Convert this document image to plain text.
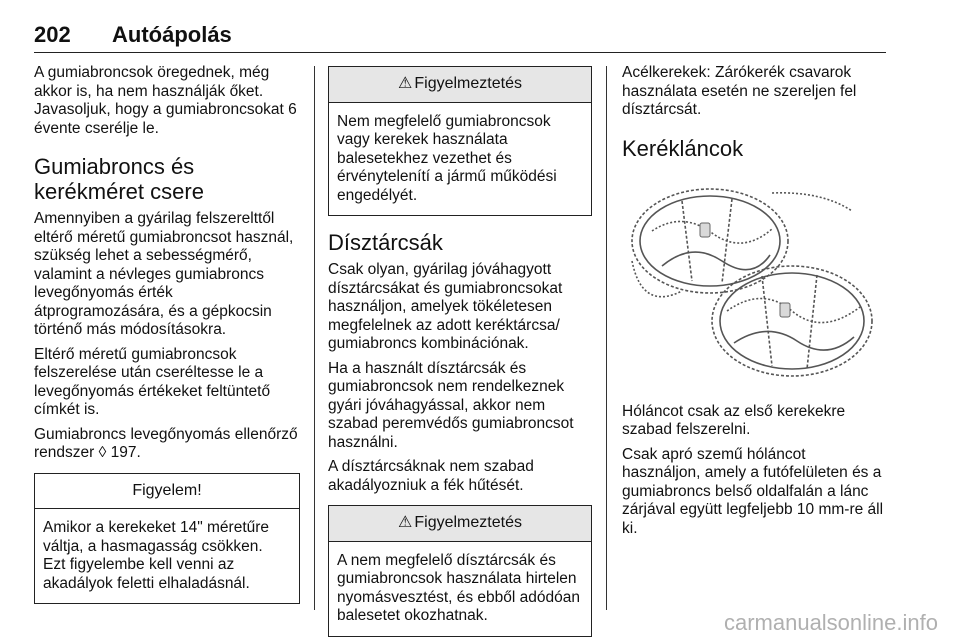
202 Autóápolás

A gumiabroncsok öregednek, még akkor is, ha nem használják őket. Javasoljuk, hogy a gumiabroncsokat 6 évente cserélje le.

Gumiabroncs és kerékméret csere

Amennyiben a gyárilag felszerelttől eltérő méretű gumiabroncsot használ, szükség lehet a sebességmérő, valamint a névleges gumiabroncs levegőnyomás érték átprogramozására, és a gépkocsin történő más módosításokra.

Eltérő méretű gumiabroncsok felszerelése után cseréltesse le a levegőnyomás értékeket feltüntető címkét is.

Gumiabroncs levegőnyomás ellenőrző rendszer ◊ 197.

Figyelem!
Amikor a kerekeket 14" méretűre váltja, a hasmagasság csökken. Ezt figyelembe kell venni az akadályok feletti elhaladásnál.
⚠ Figyelmeztetés
Nem megfelelő gumiabroncsok vagy kerekek használata balesetekhez vezethet és érvénytelenítí a jármű működési engedélyét.
Dísztárcsák

Csak olyan, gyárilag jóváhagyott dísztárcsákat és gumiabroncsokat használjon, amelyek tökéletesen megfelelnek az adott keréktárcsa/ gumiabroncs kombinációnak.

Ha a használt dísztárcsák és gumiabroncsok nem rendelkeznek gyári jóváhagyással, akkor nem szabad peremvédős gumiabroncsot használni.

A dísztárcsáknak nem szabad akadályozniuk a fék hűtését.

⚠ Figyelmeztetés
A nem megfelelő dísztárcsák és gumiabroncsok használata hirtelen nyomásvesztést, és ebből adódóan balesetet okozhatnak.

Acélkerekek: Zárókerék csavarok használata esetén ne szereljen fel dísztárcsát.

Kerékláncok

Hóláncot csak az első kerekekre szabad felszerelni.

Csak apró szemű hóláncot használjon, amely a futófelületen és a gumiabroncs belső oldalfalán a lánc zárjával együtt legfeljebb 10 mm-re áll ki.

carmanualsonline.info
